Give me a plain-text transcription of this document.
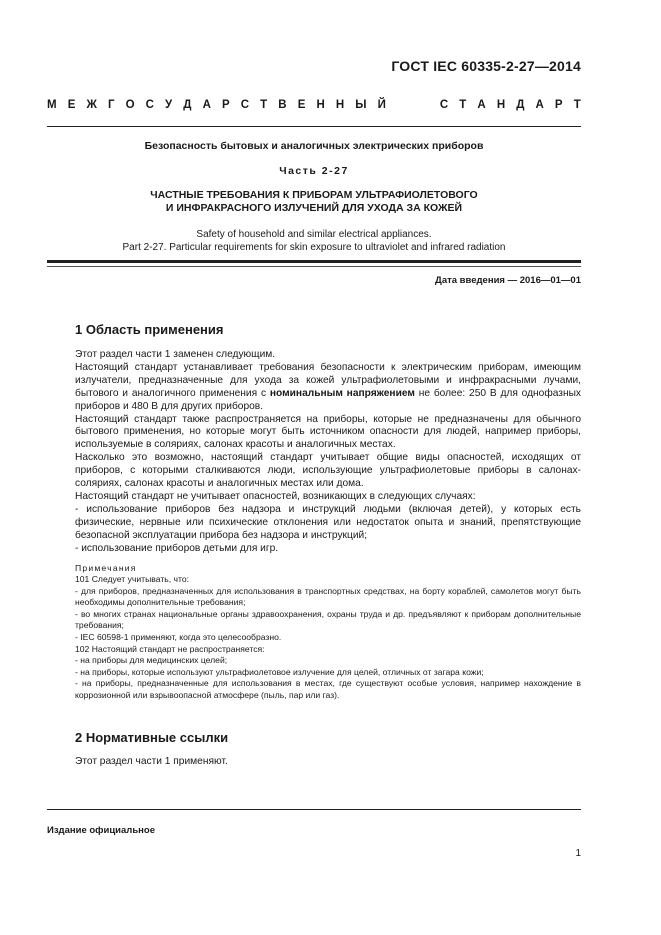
ГОСТ IEC 60335-2-27—2014
М Е Ж Г О С У Д А Р С Т В Е Н Н Ы Й

	С Т А Н Д А Р Т

Безопасность бытовых и аналогичных электрических приборов

Часть 2-27

ЧАСТНЫЕ ТРЕБОВАНИЯ К ПРИБОРАМ УЛЬТРАФИОЛЕТОВОГО
И ИНФРАКРАСНОГО ИЗЛУЧЕНИЙ ДЛЯ УХОДА ЗА КОЖЕЙ

Safety of household and similar electrical appliances.
Part 2-27. Particular requirements for skin exposure to ultraviolet and infrared radiation

Дата введения — 2016—01—01
1 Область применения

Этот раздел части 1 заменен следующим.

Настоящий стандарт устанавливает требования безопасности к электрическим приборам, имеющим излучатели, предназначенные для ухода за кожей ультрафиолетовыми и инфракрасными лучами, бытового и аналогичного применения с номинальным напряжением не более: 250 В для однофазных приборов и 480 В для других приборов.

Настоящий стандарт также распространяется на приборы, которые не предназначены для обычного бытового применения, но которые могут быть источником опасности для людей, например приборы, используемые в соляриях, салонах красоты и аналогичных местах.

Насколько это возможно, настоящий стандарт учитывает общие виды опасностей, исходящих от приборов, с которыми сталкиваются люди, использующие ультрафиолетовые приборы в салонах-соляриях, салонах красоты и аналогичных местах или дома.

Настоящий стандарт не учитывает опасностей, возникающих в следующих случаях:

- использование приборов без надзора и инструкций людьми (включая детей), у которых есть физические, нервные или психические отклонения или недостаток опыта и знаний, препятствующие безопасной эксплуатации прибора без надзора и инструкций;

- использование приборов детьми для игр.

Примечания

101 Следует учитывать, что:

- для приборов, предназначенных для использования в транспортных средствах, на борту кораблей, самолетов могут быть необходимы дополнительные требования;

- во многих странах национальные органы здравоохранения, охраны труда и др. предъявляют к приборам дополнительные требования;

- IEC 60598-1 применяют, когда это целесообразно.

102 Настоящий стандарт не распространяется:

- на приборы для медицинских целей;

- на приборы, которые используют ультрафиолетовое излучение для целей, отличных от загара кожи;

- на приборы, предназначенные для использования в местах, где существуют особые условия, например нахождение в коррозионной или взрывоопасной атмосфере (пыль, пар или газ).

2 Нормативные ссылки

Этот раздел части 1 применяют.

Издание официальное
1
